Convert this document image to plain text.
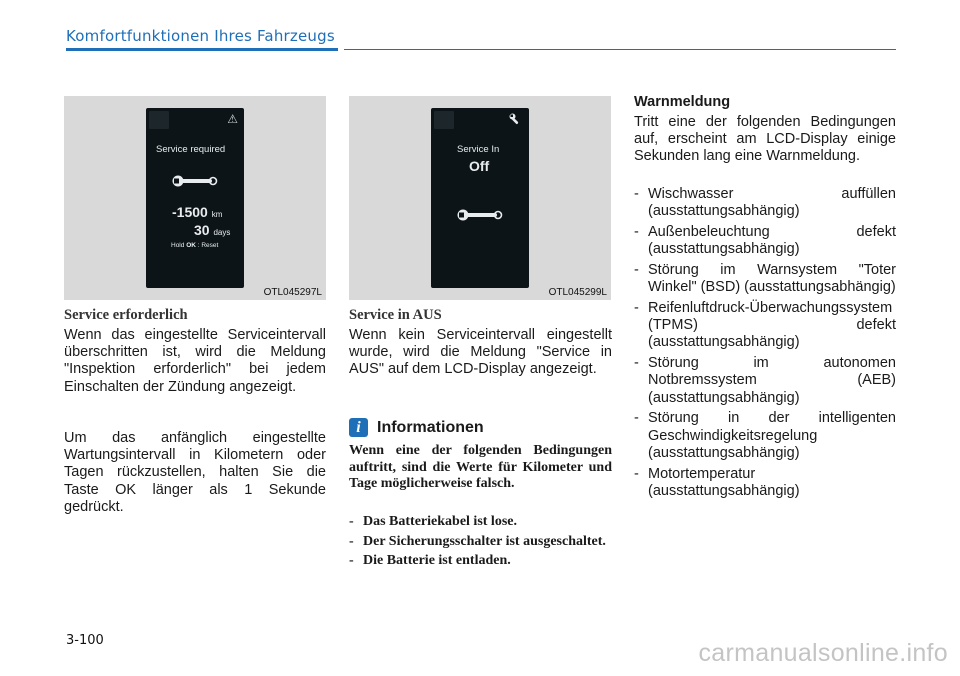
Komfortfunktionen Ihres Fahrzeugs
⚠
Service required
-1500 km
30 days
Hold OK : Reset
OTL045297L
Service In
Off
OTL045299L
Service erforderlich

Wenn das eingestellte Serviceintervall überschritten ist, wird die Meldung "Inspektion erforderlich" bei jedem Einschalten der Zündung angezeigt.

Um das anfänglich eingestellte Wartungsintervall in Kilometern oder Tagen rückzustellen, halten Sie die Taste OK länger als 1 Sekunde gedrückt.

Service in AUS

Wenn kein Serviceintervall eingestellt wurde, wird die Meldung "Service in AUS" auf dem LCD-Display angezeigt.

i	Informationen

Wenn eine der folgenden Bedingungen auftritt, sind die Werte für Kilometer und Tage möglicherweise falsch.

- Das Batteriekabel ist lose.
- Der Sicherungsschalter ist ausgeschaltet.
- Die Batterie ist entladen.
Warnmeldung

Tritt eine der folgenden Bedingungen auf, erscheint am LCD-Display einige Sekunden lang eine Warnmeldung.

- Wischwasser auffüllen (ausstattungsabhängig)
- Außenbeleuchtung defekt (ausstattungsabhängig)
- Störung im Warnsystem "Toter Winkel" (BSD) (ausstattungsabhängig)
- Reifenluftdruck-Überwachungssystem (TPMS) defekt (ausstattungsabhängig)
- Störung im autonomen Notbremssystem (AEB) (ausstattungsabhängig)
- Störung in der intelligenten Geschwindigkeitsregelung (ausstattungsabhängig)
- Motortemperatur (ausstattungsabhängig)
3-100	carmanualsonline.info
